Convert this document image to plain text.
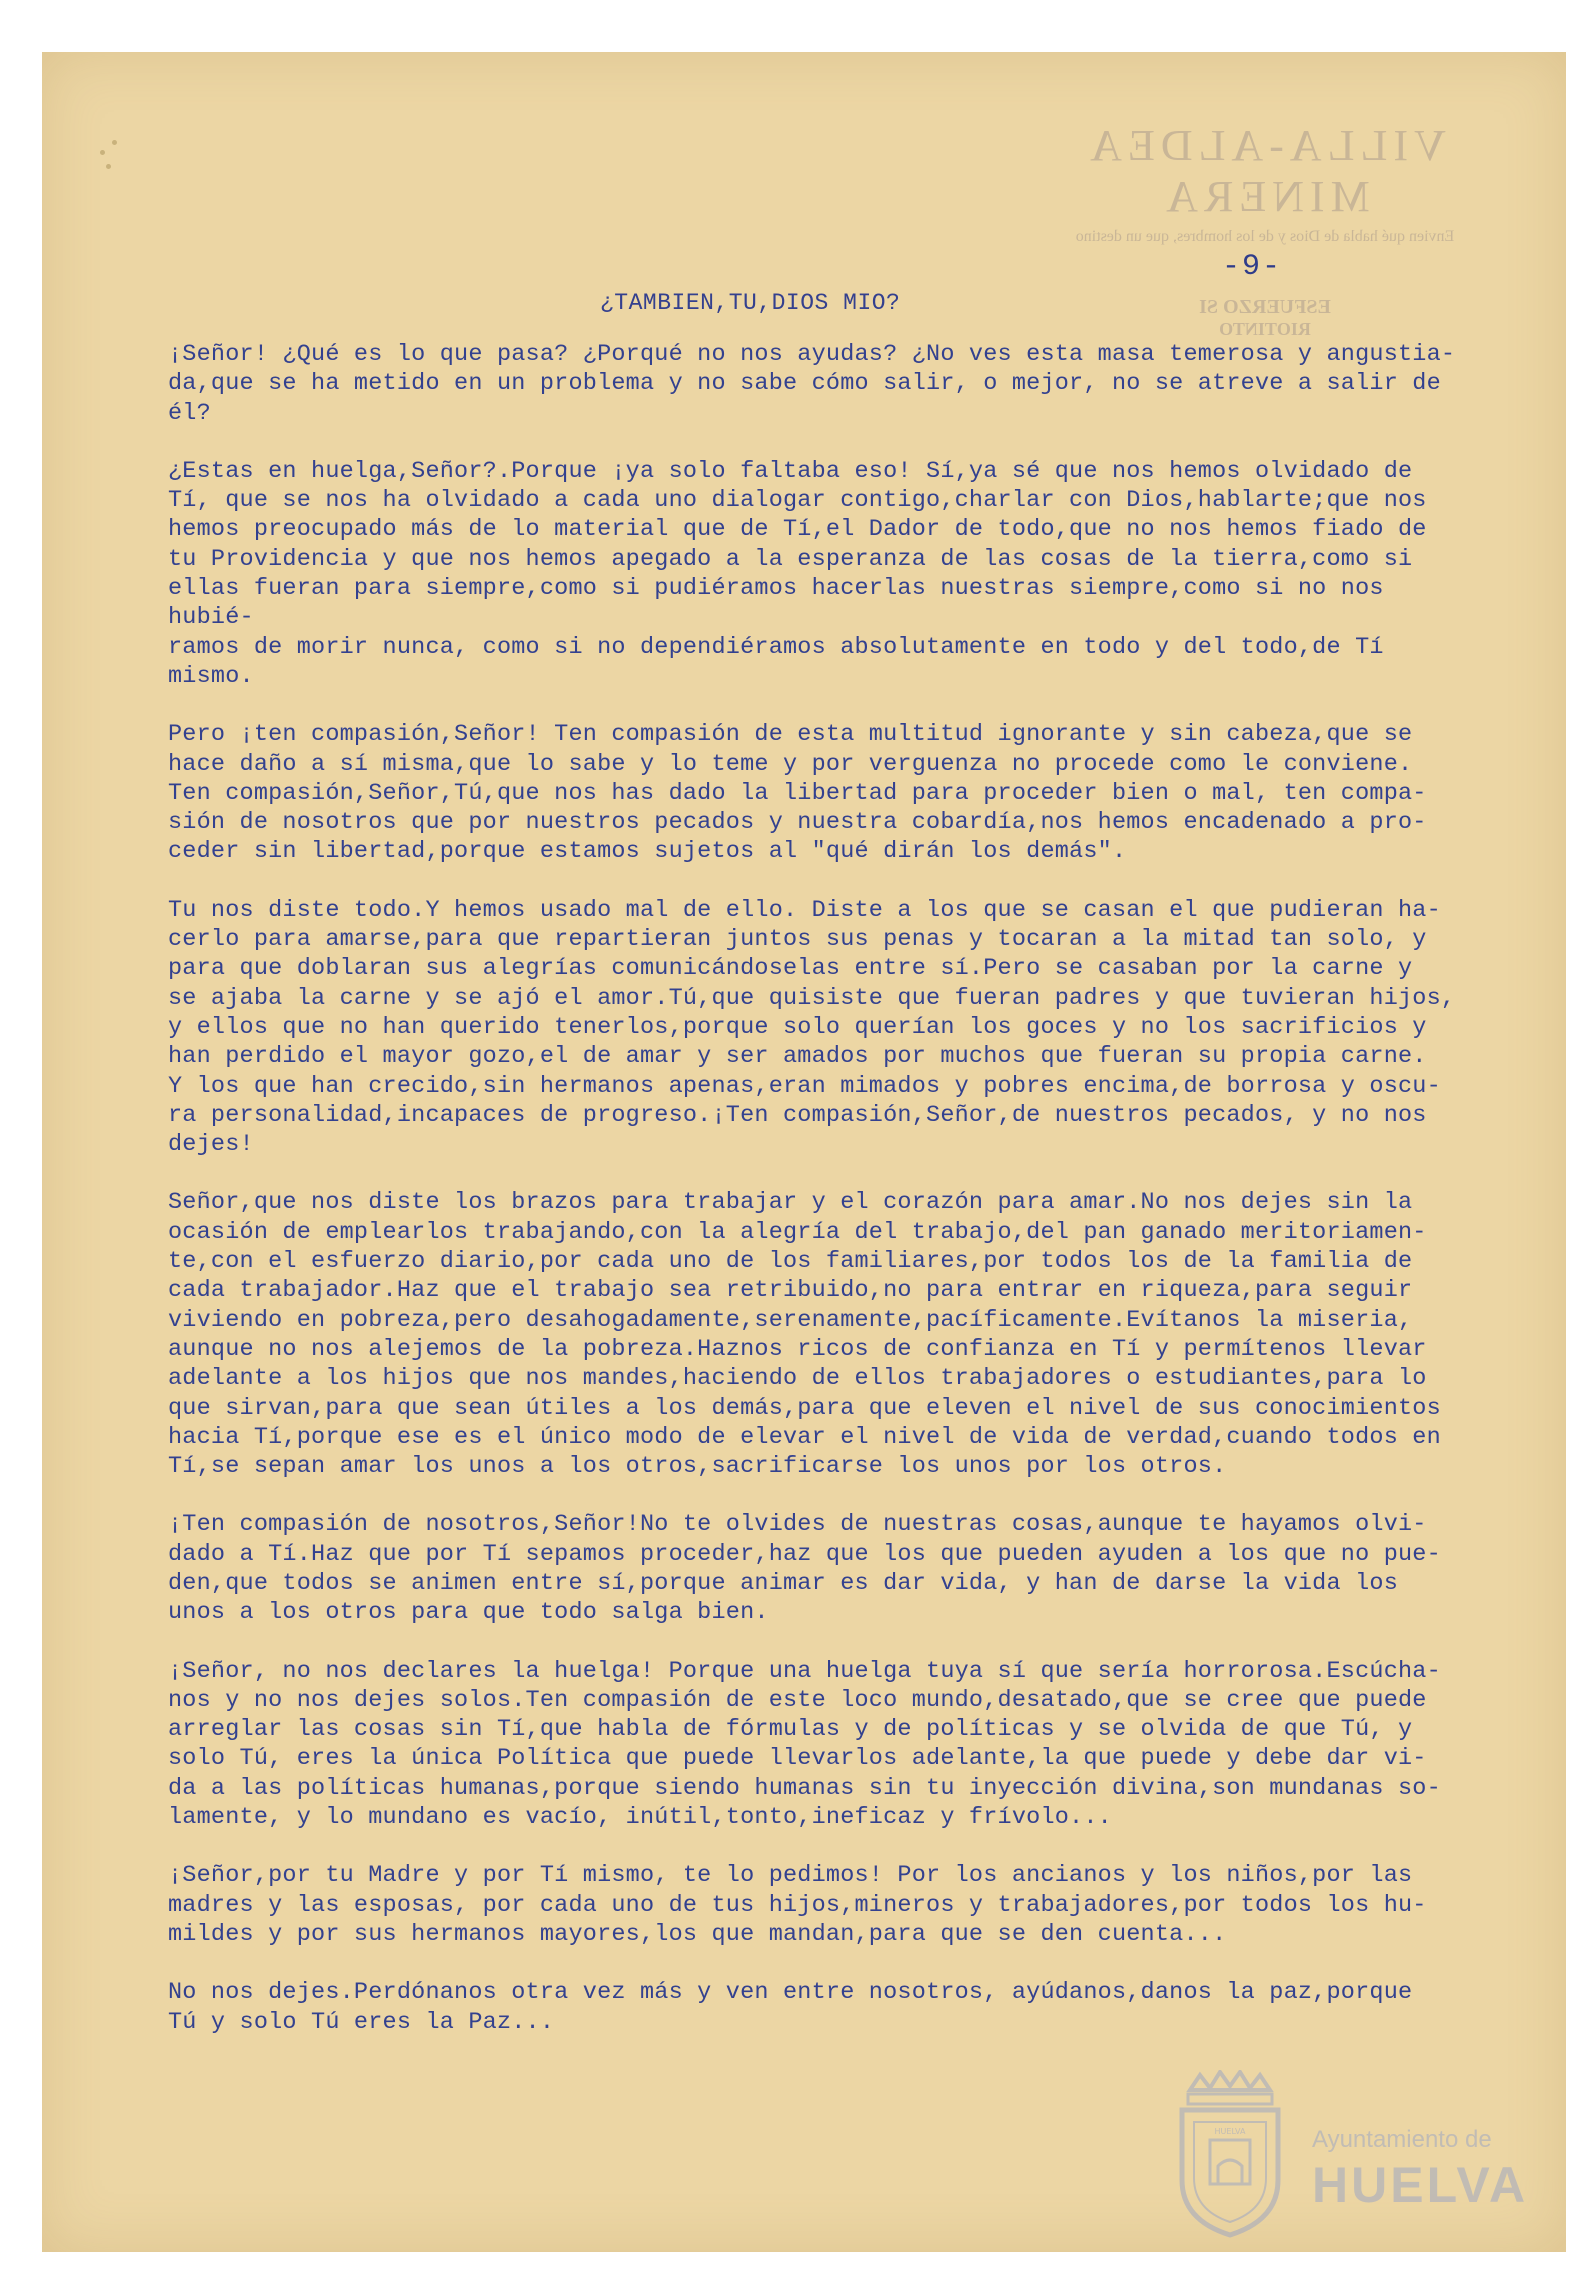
VILLA-ALDEA MINERA
Envien qué habla de Dios y de los hombres, que un destino
ESFUERZO SI
RIOTINTO
-9-
¿TAMBIEN,TU,DIOS MIO?

¡Señor! ¿Qué es lo que pasa? ¿Porqué no nos ayudas? ¿No ves esta masa temerosa y angustia-
da,que se ha metido en un problema y no sabe cómo salir, o mejor, no se atreve a salir de
él?

¿Estas en huelga,Señor?.Porque ¡ya solo faltaba eso! Sí,ya sé que nos hemos olvidado de
Tí, que se nos ha olvidado a cada uno dialogar contigo,charlar con Dios,hablarte;que nos
hemos preocupado más de lo material que de Tí,el Dador de todo,que no nos hemos fiado de
tu Providencia y que nos hemos apegado a la esperanza de las cosas de la tierra,como si
ellas fueran para siempre,como si pudiéramos hacerlas nuestras siempre,como si no nos hubié-
ramos de morir nunca, como si no dependiéramos absolutamente en todo y del todo,de Tí mismo.

Pero ¡ten compasión,Señor! Ten compasión de esta multitud ignorante y sin cabeza,que se
hace daño a sí misma,que lo sabe y lo teme y por verguenza no procede como le conviene.
Ten compasión,Señor,Tú,que nos has dado la libertad para proceder bien o mal, ten compa-
sión de nosotros que por nuestros pecados y nuestra cobardía,nos hemos encadenado a pro-
ceder sin libertad,porque estamos sujetos al "qué dirán los demás".

Tu nos diste todo.Y hemos usado mal de ello. Diste a los que se casan el que pudieran ha-
cerlo para amarse,para que repartieran juntos sus penas y tocaran a la mitad tan solo, y
para que doblaran sus alegrías comunicándoselas entre sí.Pero se casaban por la carne y
se ajaba la carne y se ajó el amor.Tú,que quisiste que fueran padres y que tuvieran hijos,
y ellos que no han querido tenerlos,porque solo querían los goces y no los sacrificios y
han perdido el mayor gozo,el de amar y ser amados por muchos que fueran su propia carne.
Y los que han crecido,sin hermanos apenas,eran mimados y pobres encima,de borrosa y oscu-
ra personalidad,incapaces de progreso.¡Ten compasión,Señor,de nuestros pecados, y no nos
dejes!

Señor,que nos diste los brazos para trabajar y el corazón para amar.No nos dejes sin la
ocasión de emplearlos trabajando,con la alegría del trabajo,del pan ganado meritoriamen-
te,con el esfuerzo diario,por cada uno de los familiares,por todos los de la familia de
cada trabajador.Haz que el trabajo sea retribuido,no para entrar en riqueza,para seguir
viviendo en pobreza,pero desahogadamente,serenamente,pacíficamente.Evítanos la miseria,
aunque no nos alejemos de la pobreza.Haznos ricos de confianza en Tí y permítenos llevar
adelante a los hijos que nos mandes,haciendo de ellos trabajadores o estudiantes,para lo
que sirvan,para que sean útiles a los demás,para que eleven el nivel de sus conocimientos
hacia Tí,porque ese es el único modo de elevar el nivel de vida de verdad,cuando todos en
Tí,se sepan amar los unos a los otros,sacrificarse los unos por los otros.

¡Ten compasión de nosotros,Señor!No te olvides de nuestras cosas,aunque te hayamos olvi-
dado a Tí.Haz que por Tí sepamos proceder,haz que los que pueden ayuden a los que no pue-
den,que todos se animen entre sí,porque animar es dar vida, y han de darse la vida los
unos a los otros para que todo salga bien.

¡Señor, no nos declares la huelga! Porque una huelga tuya sí que sería horrorosa.Escúcha-
nos y no nos dejes solos.Ten compasión de este loco mundo,desatado,que se cree que puede
arreglar las cosas sin Tí,que habla de fórmulas y de políticas y se olvida de que Tú, y
solo Tú, eres la única Política que puede llevarlos adelante,la que puede y debe dar vi-
da a las políticas humanas,porque siendo humanas sin tu inyección divina,son mundanas so-
lamente, y lo mundano es vacío, inútil,tonto,ineficaz y frívolo...

¡Señor,por tu Madre y por Tí mismo, te lo pedimos! Por los ancianos y los niños,por las
madres y las esposas, por cada uno de tus hijos,mineros y trabajadores,por todos los hu-
mildes y por sus hermanos mayores,los que mandan,para que se den cuenta...

No nos dejes.Perdónanos otra vez más y ven entre nosotros, ayúdanos,danos la paz,porque
Tú y solo Tú eres la Paz...

HUELVA	Ayuntamiento de
HUELVA
